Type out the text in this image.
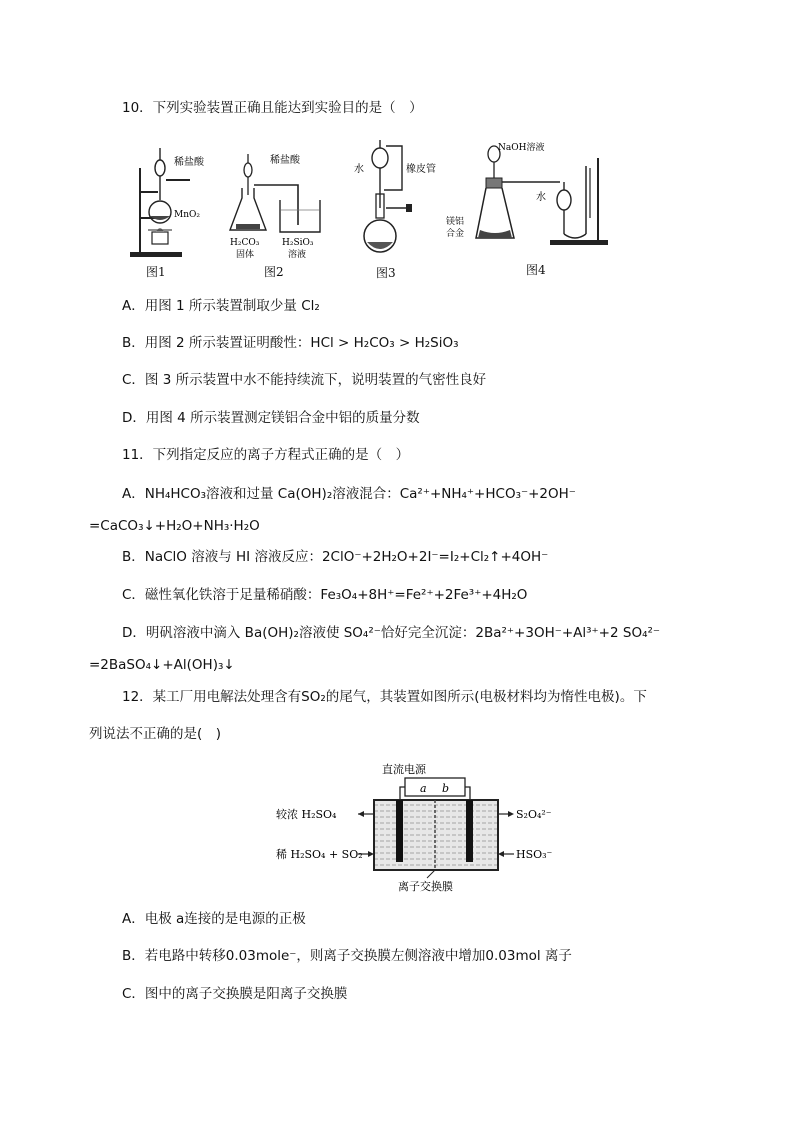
10．下列实验装置正确且能达到实验目的是（　）
稀盐酸
MnO₂
图1
稀盐酸
H₂CO₃
固体
H₂SiO₃
溶液
图2
水	橡皮管
图3
NaOH溶液
水
镁铝
合金
图4
A．用图 1 所示装置制取少量 Cl₂
B．用图 2 所示装置证明酸性：HCl > H₂CO₃ > H₂SiO₃
C．图 3 所示装置中水不能持续流下，说明装置的气密性良好
D．用图 4 所示装置测定镁铝合金中铝的质量分数
11．下列指定反应的离子方程式正确的是（　）
A．NH₄HCO₃溶液和过量 Ca(OH)₂溶液混合：Ca²⁺+NH₄⁺+HCO₃⁻+2OH⁻
=CaCO₃↓+H₂O+NH₃·H₂O
B．NaClO 溶液与 HI 溶液反应：2ClO⁻+2H₂O+2I⁻=I₂+Cl₂↑+4OH⁻
C．磁性氧化铁溶于足量稀硝酸：Fe₃O₄+8H⁺=Fe²⁺+2Fe³⁺+4H₂O
D．明矾溶液中滴入 Ba(OH)₂溶液使 SO₄²⁻恰好完全沉淀：2Ba²⁺+3OH⁻+Al³⁺+2 SO₄²⁻
=2BaSO₄↓+Al(OH)₃↓
12．某工厂用电解法处理含有SO₂的尾气，其装置如图所示(电极材料均为惰性电极)。下
列说法不正确的是(　)
直流电源
a b
较浓 H₂SO₄
稀 H₂SO₄ + SO₂
S₂O₄²⁻
HSO₃⁻
离子交换膜
A．电极 a连接的是电源的正极
B．若电路中转移0.03mole⁻，则离子交换膜左侧溶液中增加0.03mol 离子
C．图中的离子交换膜是阳离子交换膜
